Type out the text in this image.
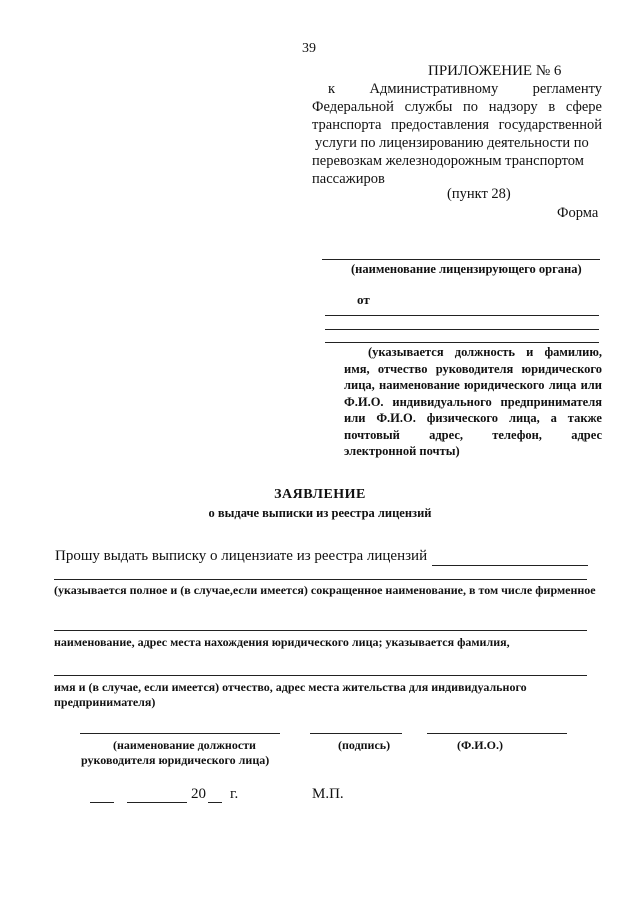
39
ПРИЛОЖЕНИЕ № 6
к Административному регламенту
Федеральной службы по надзору в сфере
транспорта предоставления государственной
услуги по лицензированию деятельности по
перевозкам железнодорожным транспортом
пассажиров
(пункт 28)
Форма
(наименование лицензирующего органа)
от
(указывается должность и фамилию,
имя, отчество руководителя юридического
лица, наименование юридического лица или
Ф.И.О. индивидуального предпринимателя
или Ф.И.О. физического лица, а также
почтовый адрес, телефон, адрес
электронной почты)
ЗАЯВЛЕНИЕ
о выдаче выписки из реестра лицензий
Прошу выдать выписку о лицензиате из реестра лицензий
(указывается полное и (в случае,если имеется) сокращенное наименование, в том числе фирменное
наименование, адрес места нахождения юридического лица; указывается фамилия,
имя и (в случае, если имеется) отчество, адрес места жительства для индивидуального
предпринимателя)
(наименование должности
руководителя юридического лица)
(подпись)	(Ф.И.О.)
20 г.	М.П.
